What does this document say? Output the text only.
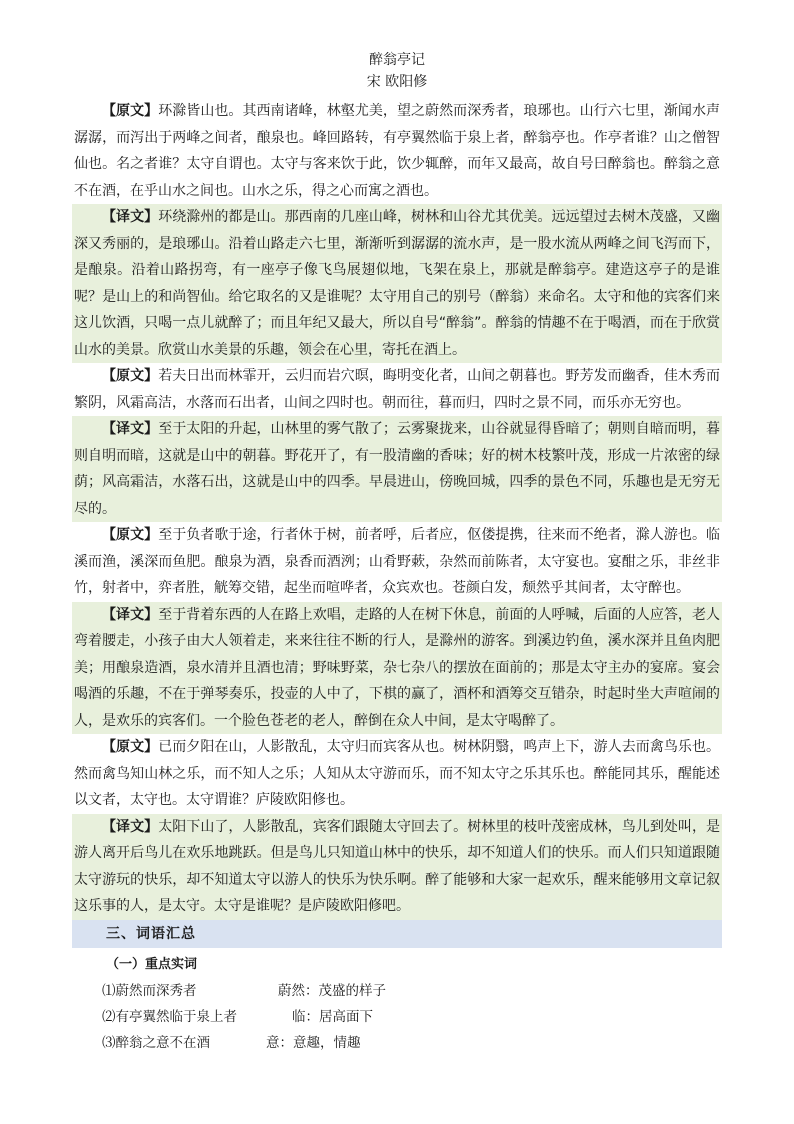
醉翁亭记
宋 欧阳修
【原文】环滁皆山也。其西南诸峰，林壑尤美，望之蔚然而深秀者，琅琊也。山行六七里，渐闻水声潺潺，而泻出于两峰之间者，酿泉也。峰回路转，有亭翼然临于泉上者，醉翁亭也。作亭者谁？山之僧智仙也。名之者谁？太守自谓也。太守与客来饮于此，饮少辄醉，而年又最高，故自号曰醉翁也。醉翁之意不在酒，在乎山水之间也。山水之乐，得之心而寓之酒也。
【译文】环绕滁州的都是山。那西南的几座山峰，树林和山谷尤其优美。远远望过去树木茂盛，又幽深又秀丽的，是琅琊山。沿着山路走六七里，渐渐听到潺潺的流水声，是一股水流从两峰之间飞泻而下，是酿泉。沿着山路拐弯，有一座亭子像飞鸟展翅似地，飞架在泉上，那就是醉翁亭。建造这亭子的是谁呢？是山上的和尚智仙。给它取名的又是谁呢？太守用自己的别号（醉翁）来命名。太守和他的宾客们来这儿饮酒，只喝一点儿就醉了；而且年纪又最大，所以自号“醉翁”。醉翁的情趣不在于喝酒，而在于欣赏山水的美景。欣赏山水美景的乐趣，领会在心里，寄托在酒上。
【原文】若夫日出而林霏开，云归而岩穴暝，晦明变化者，山间之朝暮也。野芳发而幽香，佳木秀而繁阴，风霜高洁，水落而石出者，山间之四时也。朝而往，暮而归，四时之景不同，而乐亦无穷也。
【译文】至于太阳的升起，山林里的雾气散了；云雾聚拢来，山谷就显得昏暗了；朝则自暗而明，暮则自明而暗，这就是山中的朝暮。野花开了，有一股清幽的香味；好的树木枝繁叶茂，形成一片浓密的绿荫；风高霜洁，水落石出，这就是山中的四季。早晨进山，傍晚回城，四季的景色不同，乐趣也是无穷无尽的。
【原文】至于负者歌于途，行者休于树，前者呼，后者应，伛偻提携，往来而不绝者，滁人游也。临溪而渔，溪深而鱼肥。酿泉为酒，泉香而酒洌；山肴野蔌，杂然而前陈者，太守宴也。宴酣之乐，非丝非竹，射者中，弈者胜，觥筹交错，起坐而喧哗者，众宾欢也。苍颜白发，颓然乎其间者，太守醉也。
【译文】至于背着东西的人在路上欢唱，走路的人在树下休息，前面的人呼喊，后面的人应答，老人弯着腰走，小孩子由大人领着走，来来往往不断的行人，是滁州的游客。到溪边钓鱼，溪水深并且鱼肉肥美；用酿泉造酒，泉水清并且酒也清；野味野菜，杂七杂八的摆放在面前的；那是太守主办的宴席。宴会喝酒的乐趣，不在于弹琴奏乐，投壶的人中了，下棋的赢了，酒杯和酒筹交互错杂，时起时坐大声喧闹的人，是欢乐的宾客们。一个脸色苍老的老人，醉倒在众人中间，是太守喝醉了。
【原文】已而夕阳在山，人影散乱，太守归而宾客从也。树林阴翳，鸣声上下，游人去而禽鸟乐也。然而禽鸟知山林之乐，而不知人之乐；人知从太守游而乐，而不知太守之乐其乐也。醉能同其乐，醒能述以文者，太守也。太守谓谁？庐陵欧阳修也。
【译文】太阳下山了，人影散乱，宾客们跟随太守回去了。树林里的枝叶茂密成林，鸟儿到处叫，是游人离开后鸟儿在欢乐地跳跃。但是鸟儿只知道山林中的快乐，却不知道人们的快乐。而人们只知道跟随太守游玩的快乐，却不知道太守以游人的快乐为快乐啊。醉了能够和大家一起欢乐，醒来能够用文章记叙这乐事的人，是太守。太守是谁呢？是庐陵欧阳修吧。
三、词语汇总
（一）重点实词
⑴蔚然而深秀者	蔚然：茂盛的样子
⑵有亭翼然临于泉上者	临：居高面下
⑶醉翁之意不在酒	意：意趣，情趣
